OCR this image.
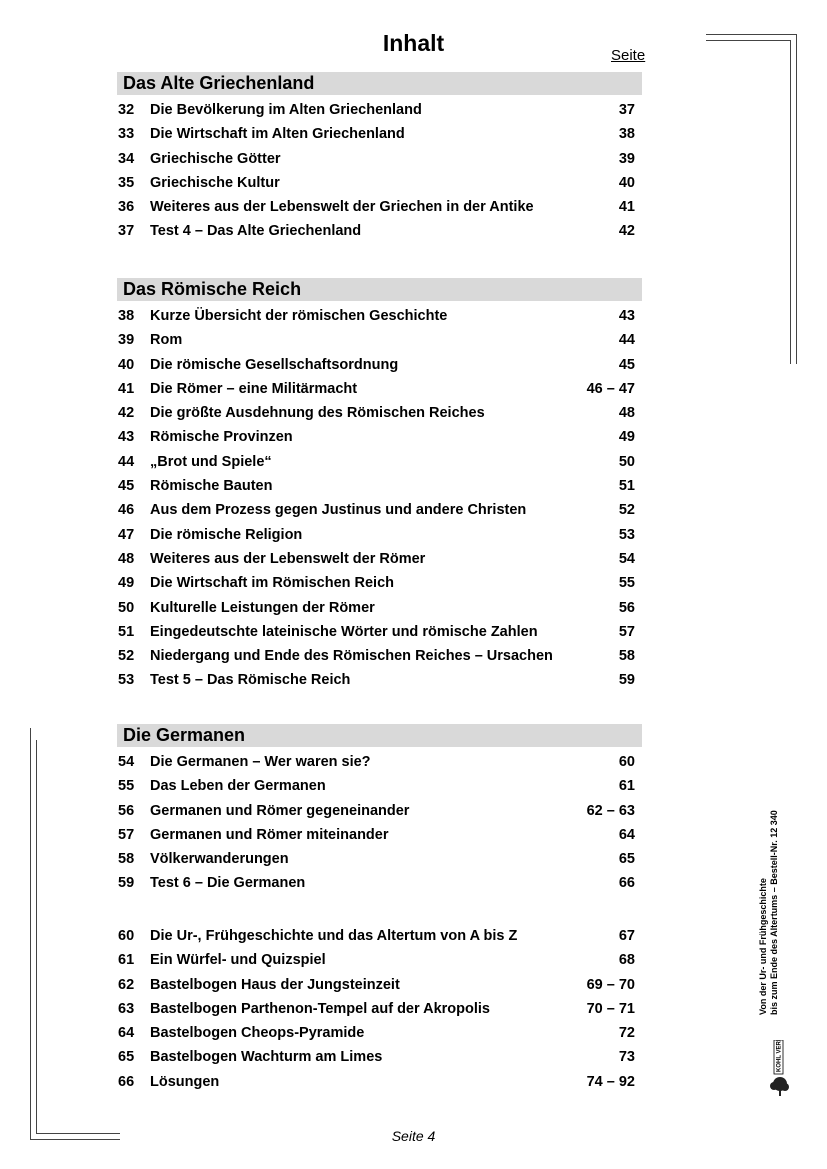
Inhalt	Seite
Das Alte Griechenland
32 Die Bevölkerung im Alten Griechenland	37
33 Die Wirtschaft im Alten Griechenland	38
34 Griechische Götter	39
35 Griechische Kultur	40
36 Weiteres aus der Lebenswelt der Griechen in der Antike	41
37 Test 4 – Das Alte Griechenland	42
Das Römische Reich
38 Kurze Übersicht der römischen Geschichte	43
39 Rom	44
40 Die römische Gesellschaftsordnung	45
41 Die Römer – eine Militärmacht	46 – 47
42 Die größte Ausdehnung des Römischen Reiches	48
43 Römische Provinzen	49
44 „Brot und Spiele“	50
45 Römische Bauten	51
46 Aus dem Prozess gegen Justinus und andere Christen	52
47 Die römische Religion	53
48 Weiteres aus der Lebenswelt der Römer	54
49 Die Wirtschaft im Römischen Reich	55
50 Kulturelle Leistungen der Römer	56
51 Eingedeutschte lateinische Wörter und römische Zahlen	57
52 Niedergang und Ende des Römischen Reiches – Ursachen	58
53 Test 5 – Das Römische Reich	59
Die Germanen
54 Die Germanen – Wer waren sie?	60
55 Das Leben der Germanen	61
56 Germanen und Römer gegeneinander	62 – 63
57 Germanen und Römer miteinander	64
58 Völkerwanderungen	65
59 Test 6 – Die Germanen	66
60 Die Ur-, Frühgeschichte und das Altertum von A bis Z	67
61 Ein Würfel- und Quizspiel	68
62 Bastelbogen Haus der Jungsteinzeit	69 – 70
63 Bastelbogen Parthenon-Tempel auf der Akropolis	70 – 71
64 Bastelbogen Cheops-Pyramide	72
65 Bastelbogen Wachturm am Limes	73
66 Lösungen	74 – 92
Seite 4
Von der Ur- und Frühgeschichte bis zum Ende des Altertums – Bestell-Nr. 12 340
KOHL VERLAG
